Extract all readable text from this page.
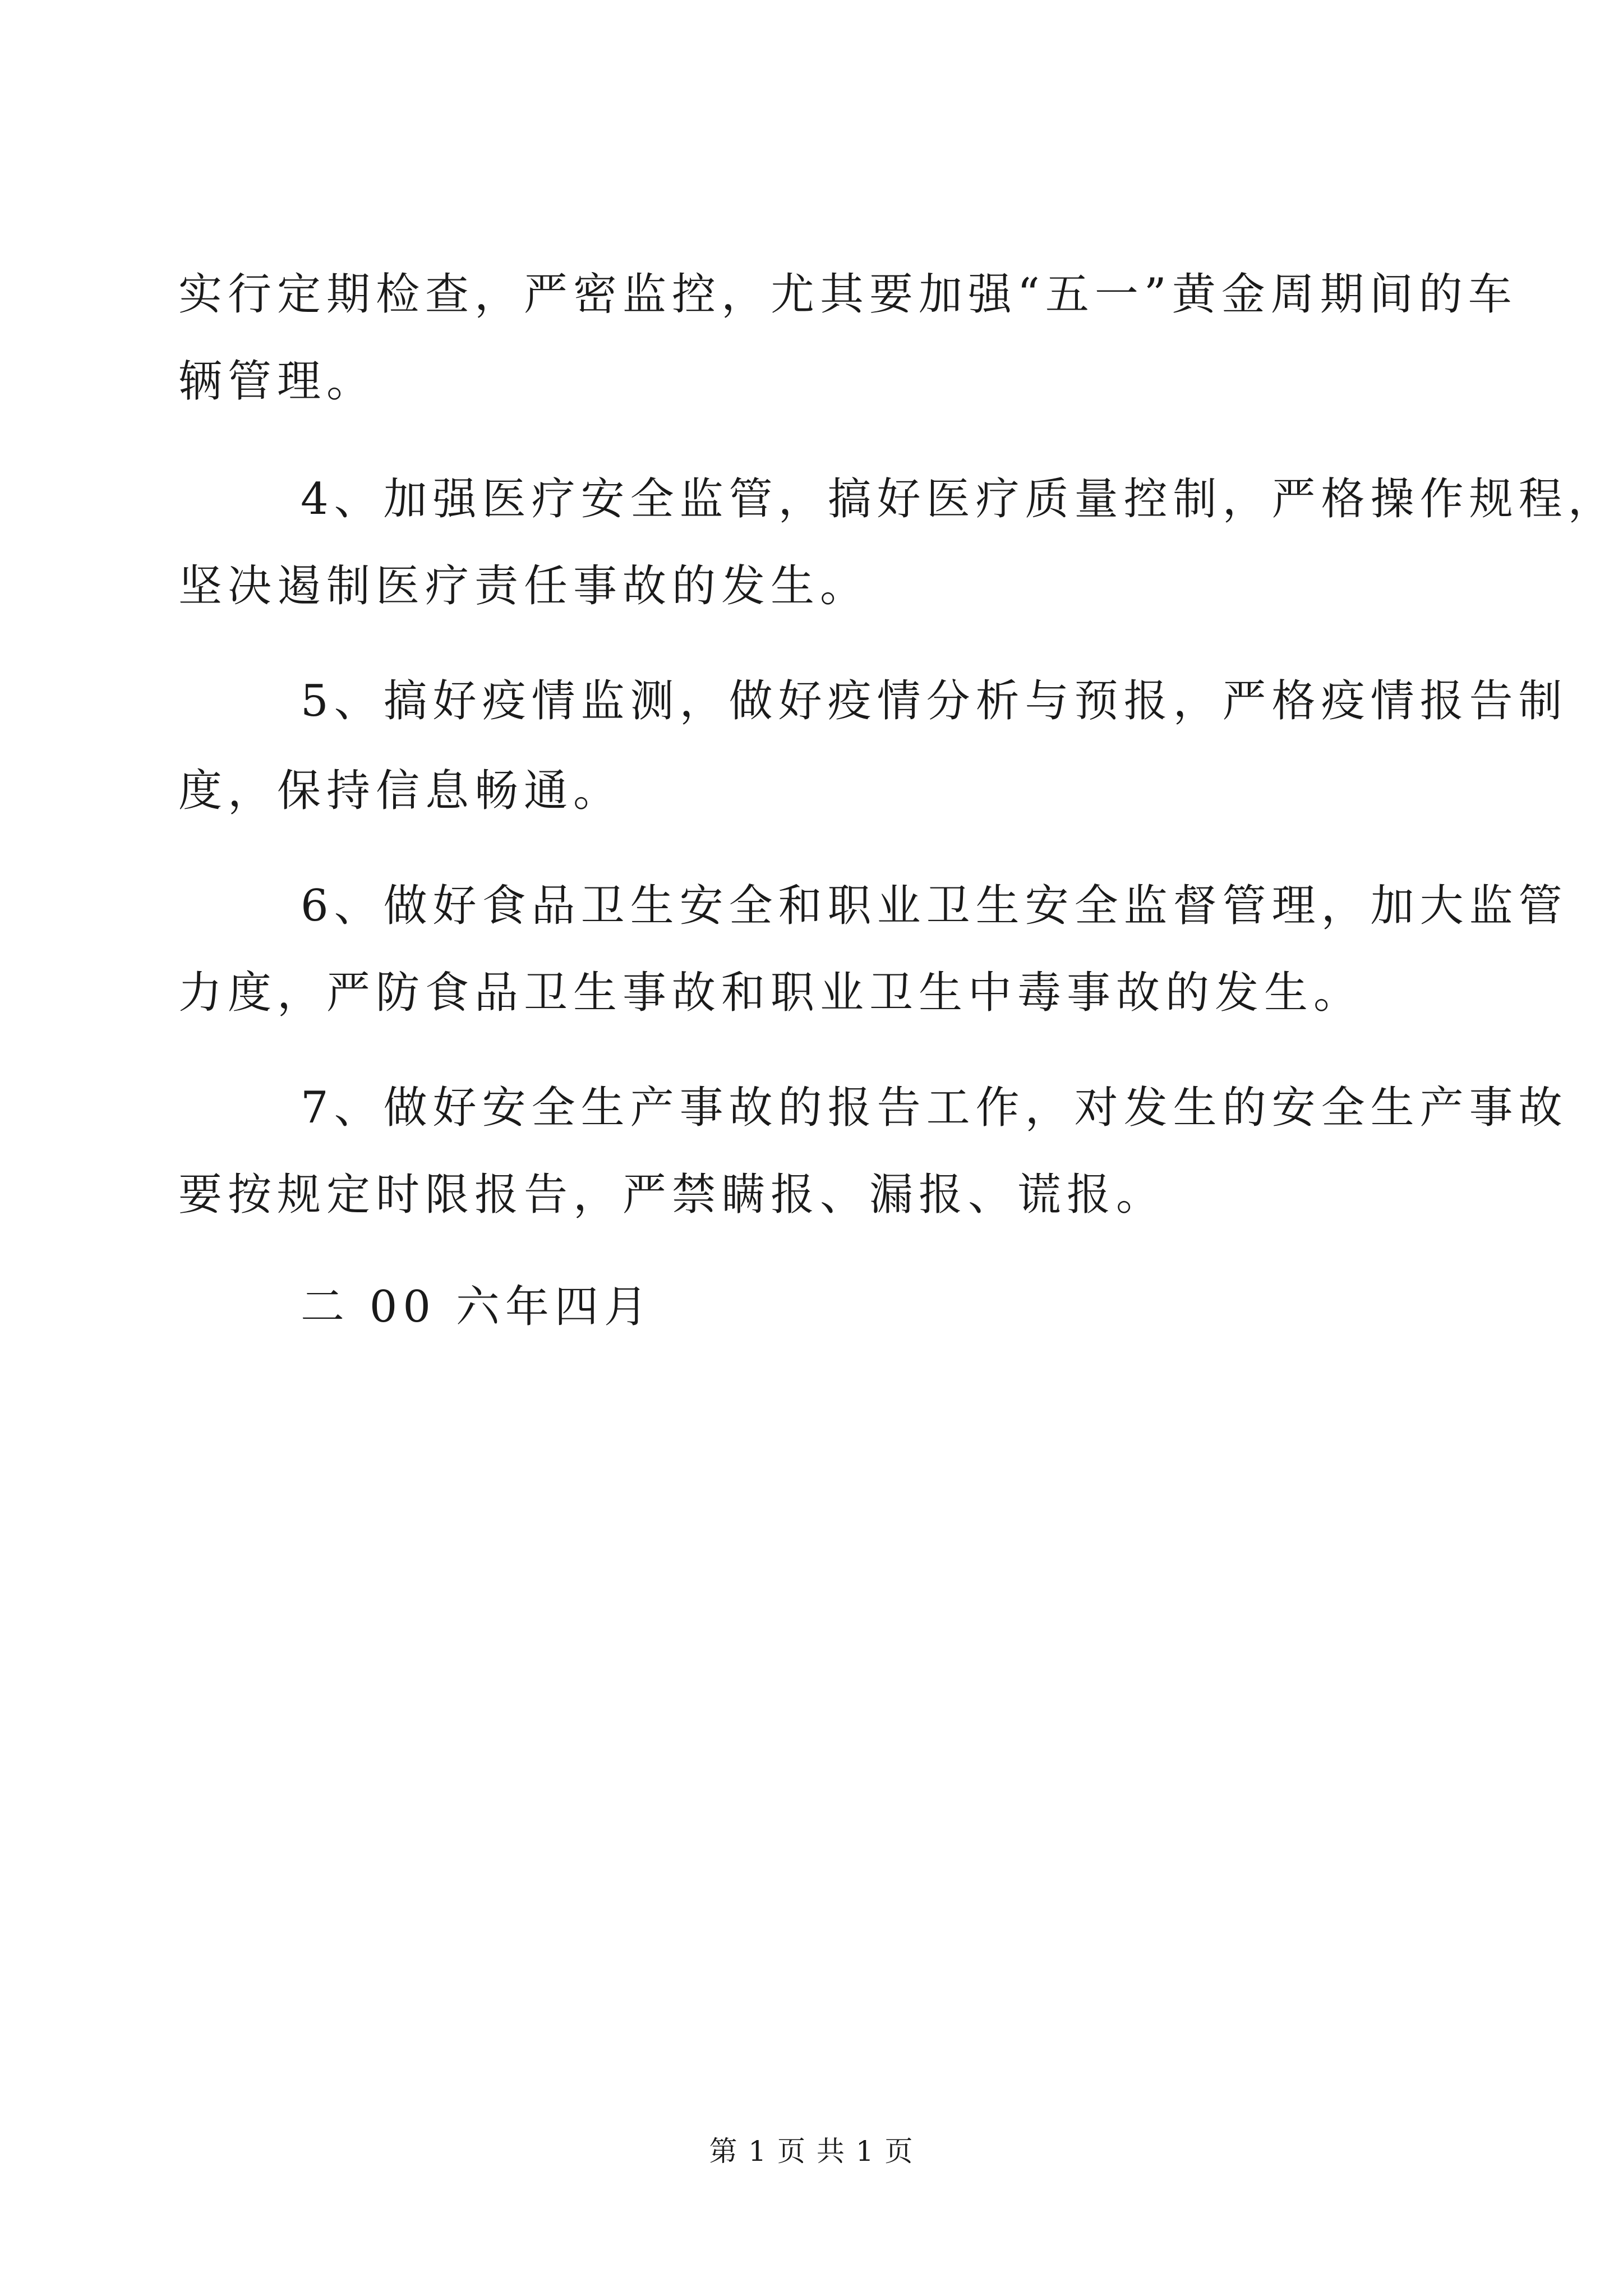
实行定期检查，严密监控，尤其要加强“五一”黄金周期间的车

辆管理。

4、加强医疗安全监管，搞好医疗质量控制，严格操作规程，

坚决遏制医疗责任事故的发生。

5、搞好疫情监测，做好疫情分析与预报，严格疫情报告制

度，保持信息畅通。

6、做好食品卫生安全和职业卫生安全监督管理，加大监管

力度，严防食品卫生事故和职业卫生中毒事故的发生。

7、做好安全生产事故的报告工作，对发生的安全生产事故

要按规定时限报告，严禁瞒报、漏报、谎报。

二 00 六年四月

第 1 页 共 1 页
